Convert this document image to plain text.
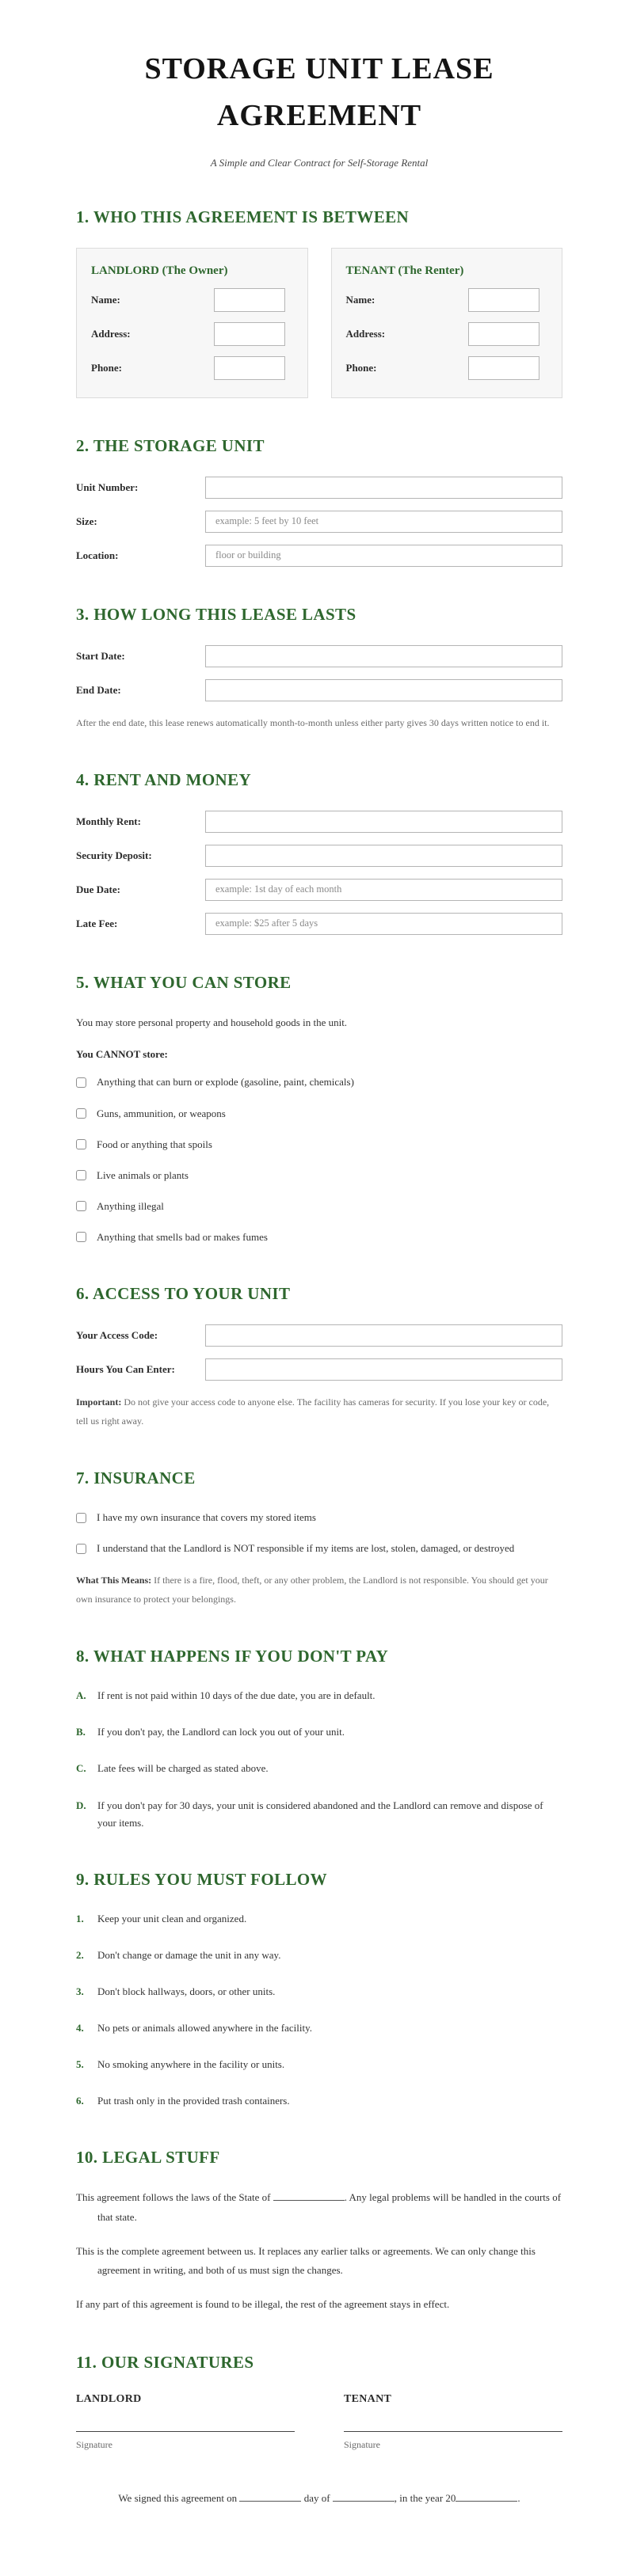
STORAGE UNIT LEASE AGREEMENT
A Simple and Clear Contract for Self-Storage Rental
1. WHO THIS AGREEMENT IS BETWEEN
LANDLORD (The Owner)
Name:
Address:
Phone:
TENANT (The Renter)
Name:
Address:
Phone:
2. THE STORAGE UNIT
Unit Number:
Size:
example: 5 feet by 10 feet
Location:
floor or building
3. HOW LONG THIS LEASE LASTS
Start Date:
End Date:

After the end date, this lease renews automatically month-to-month unless either party gives 30 days written notice to end it.

4. RENT AND MONEY
Monthly Rent:
Security Deposit:
Due Date:
example: 1st day of each month
Late Fee:
example: $25 after 5 days
5. WHAT YOU CAN STORE

You may store personal property and household goods in the unit.

You CANNOT store:
Anything that can burn or explode (gasoline, paint, chemicals)
Guns, ammunition, or weapons
Food or anything that spoils
Live animals or plants
Anything illegal
Anything that smells bad or makes fumes
6. ACCESS TO YOUR UNIT
Your Access Code:
Hours You Can Enter:

Important: Do not give your access code to anyone else. The facility has cameras for security. If you lose your key or code, tell us right away.

7. INSURANCE
I have my own insurance that covers my stored items
I understand that the Landlord is NOT responsible if my items are lost, stolen, damaged, or destroyed

What This Means: If there is a fire, flood, theft, or any other problem, the Landlord is not responsible. You should get your own insurance to protect your belongings.

8. WHAT HAPPENS IF YOU DON'T PAY
A.	If rent is not paid within 10 days of the due date, you are in default.
B.	If you don't pay, the Landlord can lock you out of your unit.
C.	Late fees will be charged as stated above.
D.	If you don't pay for 30 days, your unit is considered abandoned and the Landlord can remove and dispose of your items.
9. RULES YOU MUST FOLLOW
1.	Keep your unit clean and organized.
2.	Don't change or damage the unit in any way.
3.	Don't block hallways, doors, or other units.
4.	No pets or animals allowed anywhere in the facility.
5.	No smoking anywhere in the facility or units.
6.	Put trash only in the provided trash containers.
10. LEGAL STUFF

This agreement follows the laws of the State of	. Any legal problems will be handled in the courts of that state.

This is the complete agreement between us. It replaces any earlier talks or agreements. We can only change this agreement in writing, and both of us must sign the changes.

If any part of this agreement is found to be illegal, the rest of the agreement stays in effect.

11. OUR SIGNATURES
LANDLORD
Signature
TENANT
Signature

We signed this agreement on	day of	, in the year 20	.
